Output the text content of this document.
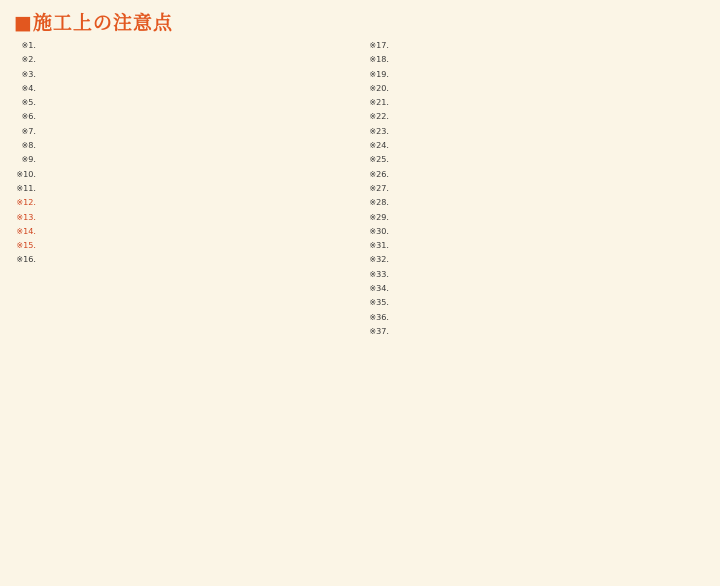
■施工上の注意点
※1.
※2.
※3.
※4.
※5.
※6.
※7.
※8.
※9.
※10.
※11.
※12.
※13.
※14.
※15.
※16.
※17.
※18.
※19.
※20.
※21.
※22.
※23.
※24.
※25.
※26.
※27.
※28.
※29.
※30.
※31.
※32.
※33.
※34.
※35.
※36.
※37.
